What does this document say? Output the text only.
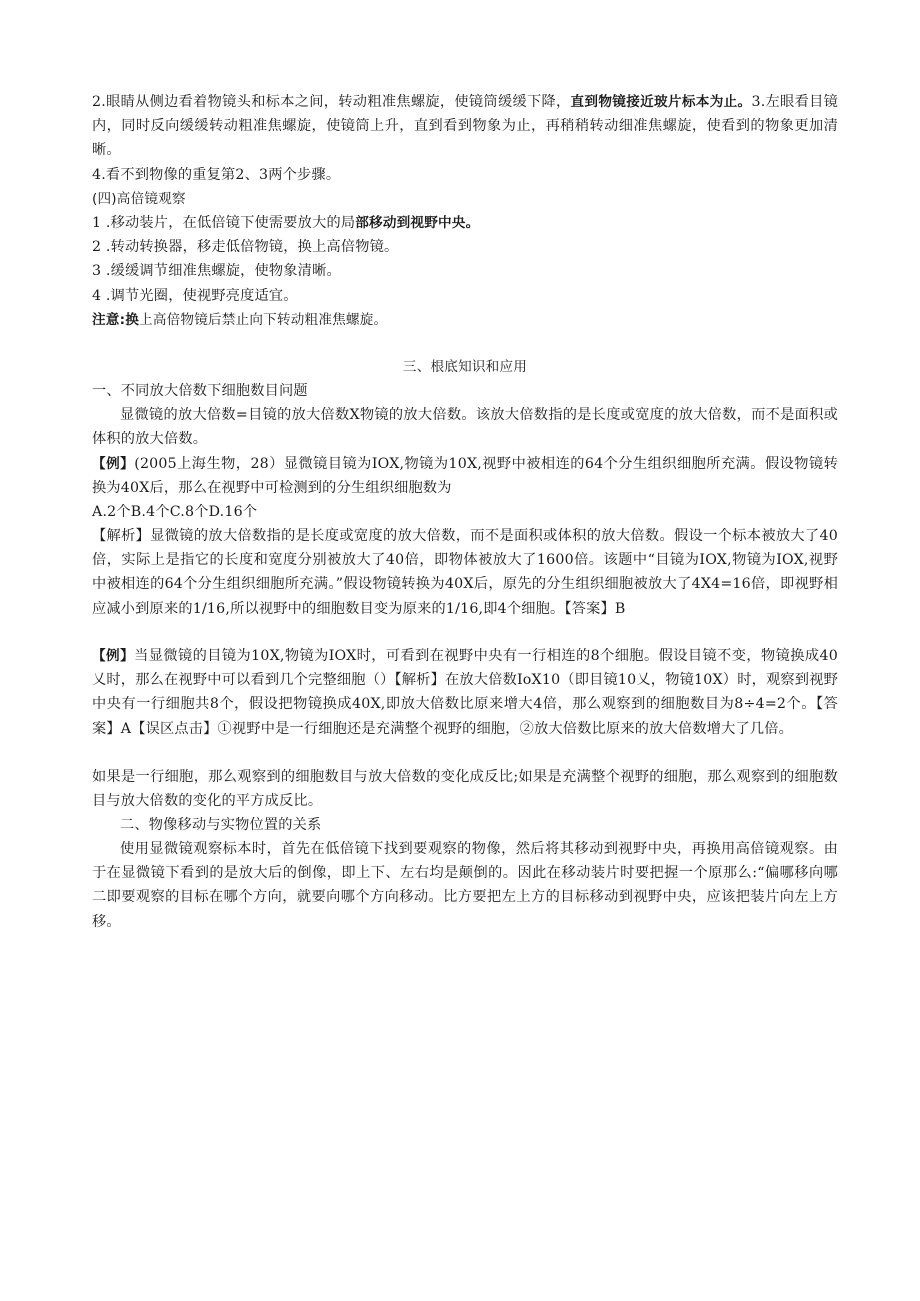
2.眼睛从侧边看着物镜头和标本之间，转动粗准焦螺旋，使镜筒缓缓下降，直到物镜接近玻片标本为止。3.左眼看目镜内，同时反向缓缓转动粗准焦螺旋，使镜筒上升，直到看到物象为止，再稍稍转动细准焦螺旋，使看到的物象更加清晰。
4.看不到物像的重复第2、3两个步骤。
(四)高倍镜观察
1 .移动装片，在低倍镜下使需要放大的局部移动到视野中央。
2 .转动转换器，移走低倍物镜，换上高倍物镜。
3 .缓缓调节细准焦螺旋，使物象清晰。
4 .调节光圈，使视野亮度适宜。
注意:换上高倍物镜后禁止向下转动粗准焦螺旋。
三、根底知识和应用
一、不同放大倍数下细胞数目问题
显微镜的放大倍数=目镜的放大倍数X物镜的放大倍数。该放大倍数指的是长度或宽度的放大倍数，而不是面积或体积的放大倍数。
【例】(2005上海生物，28）显微镜目镜为IOX,物镜为10X,视野中被相连的64个分生组织细胞所充满。假设物镜转换为40X后，那么在视野中可检测到的分生组织细胞数为
A.2个B.4个C.8个D.16个
【解析】显微镜的放大倍数指的是长度或宽度的放大倍数，而不是面积或体积的放大倍数。假设一个标本被放大了40倍，实际上是指它的长度和宽度分别被放大了40倍，即物体被放大了1600倍。该题中“目镜为IOX,物镜为IOX,视野中被相连的64个分生组织细胞所充满。”假设物镜转换为40X后，原先的分生组织细胞被放大了4X4=16倍，即视野相应减小到原来的1/16,所以视野中的细胞数目变为原来的1/16,即4个细胞。【答案】B
【例】当显微镜的目镜为10X,物镜为IOX时，可看到在视野中央有一行相连的8个细胞。假设目镜不变，物镜换成40乂时，那么在视野中可以看到几个完整细胞（）【解析】在放大倍数IoX10（即目镜10乂，物镜10X）时，观察到视野中央有一行细胞共8个，假设把物镜换成40X,即放大倍数比原来增大4倍，那么观察到的细胞数目为8÷4=2个。【答案】A【误区点击】①视野中是一行细胞还是充满整个视野的细胞，②放大倍数比原来的放大倍数增大了几倍。
如果是一行细胞，那么观察到的细胞数目与放大倍数的变化成反比;如果是充满整个视野的细胞，那么观察到的细胞数目与放大倍数的变化的平方成反比。
二、物像移动与实物位置的关系
使用显微镜观察标本时，首先在低倍镜下找到要观察的物像，然后将其移动到视野中央，再换用高倍镜观察。由于在显微镜下看到的是放大后的倒像，即上下、左右均是颠倒的。因此在移动装片时要把握一个原那么:“偏哪移向哪二即要观察的目标在哪个方向，就要向哪个方向移动。比方要把左上方的目标移动到视野中央，应该把装片向左上方移。
